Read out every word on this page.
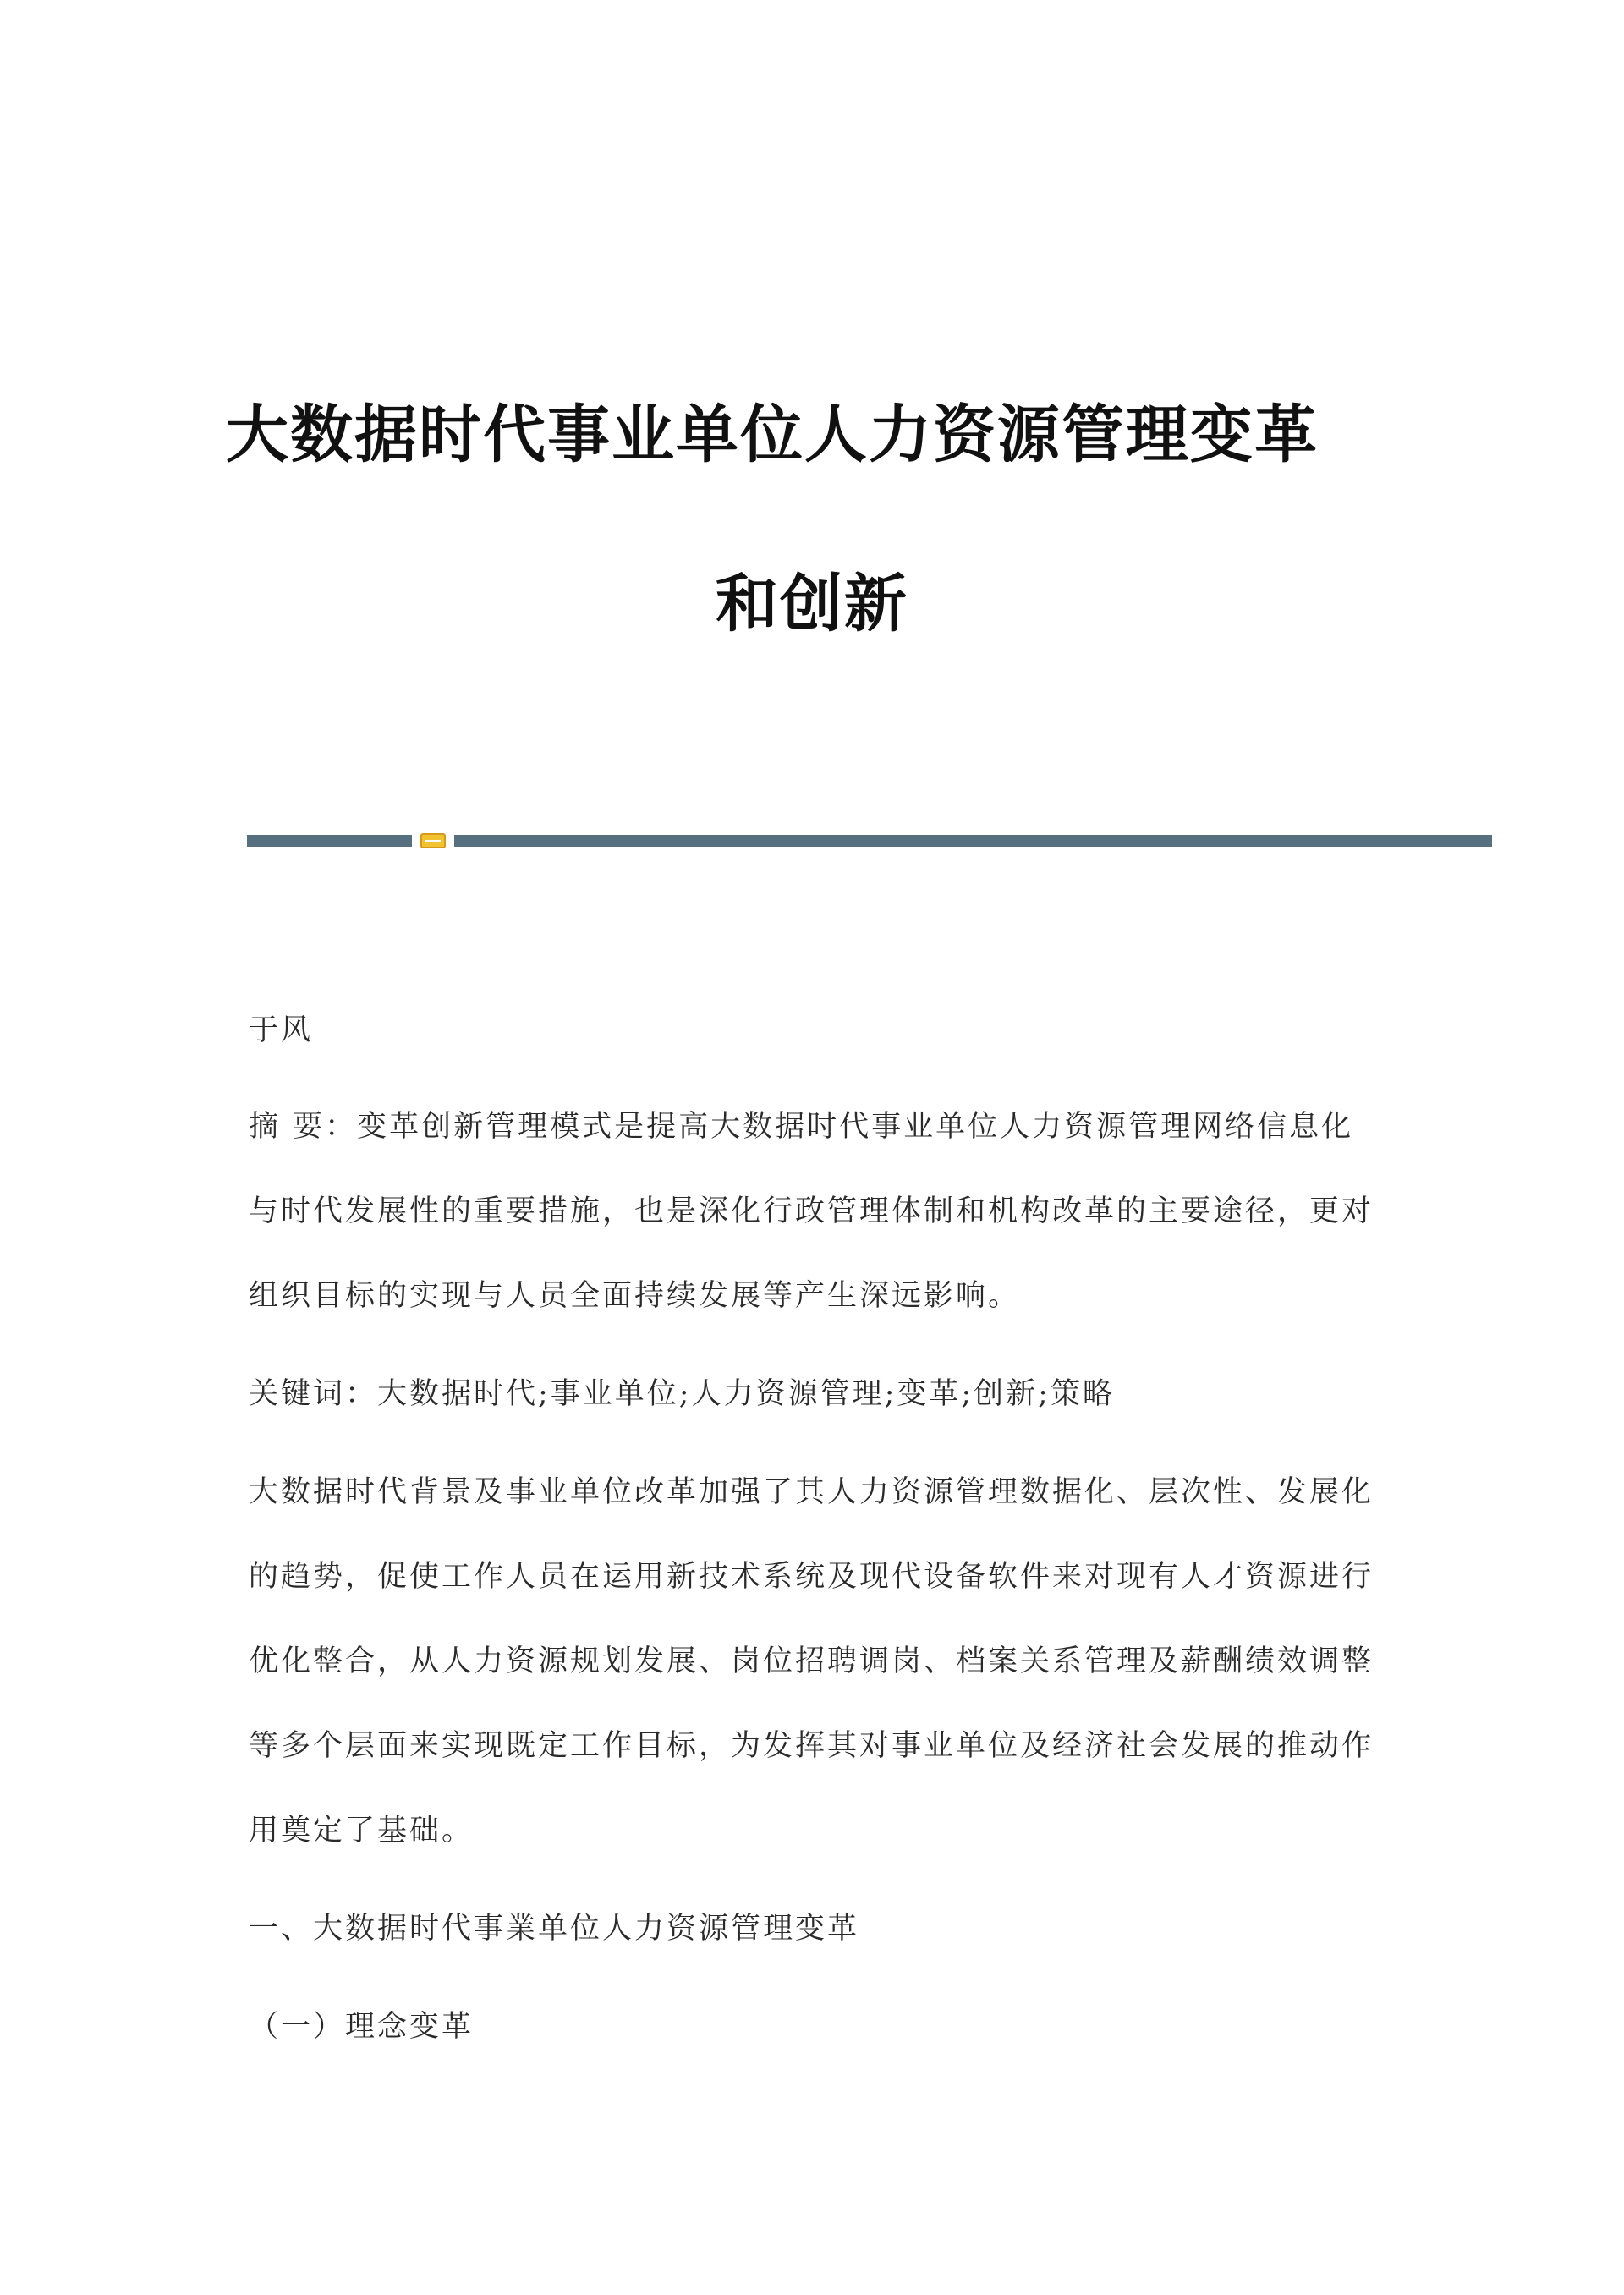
大数据时代事业单位人力资源管理变革
和创新

于风

摘 要：变革创新管理模式是提高大数据时代事业单位人力资源管理网络信息化与时代发展性的重要措施，也是深化行政管理体制和机构改革的主要途径，更对组织目标的实现与人员全面持续发展等产生深远影响。

关键词：大数据时代;事业单位;人力资源管理;变革;创新;策略

大数据时代背景及事业单位改革加强了其人力资源管理数据化、层次性、发展化的趋势，促使工作人员在运用新技术系统及现代设备软件来对现有人才资源进行优化整合，从人力资源规划发展、岗位招聘调岗、档案关系管理及薪酬绩效调整等多个层面来实现既定工作目标，为发挥其对事业单位及经济社会发展的推动作用奠定了基础。

一、大数据时代事業单位人力资源管理变革

（一）理念变革
